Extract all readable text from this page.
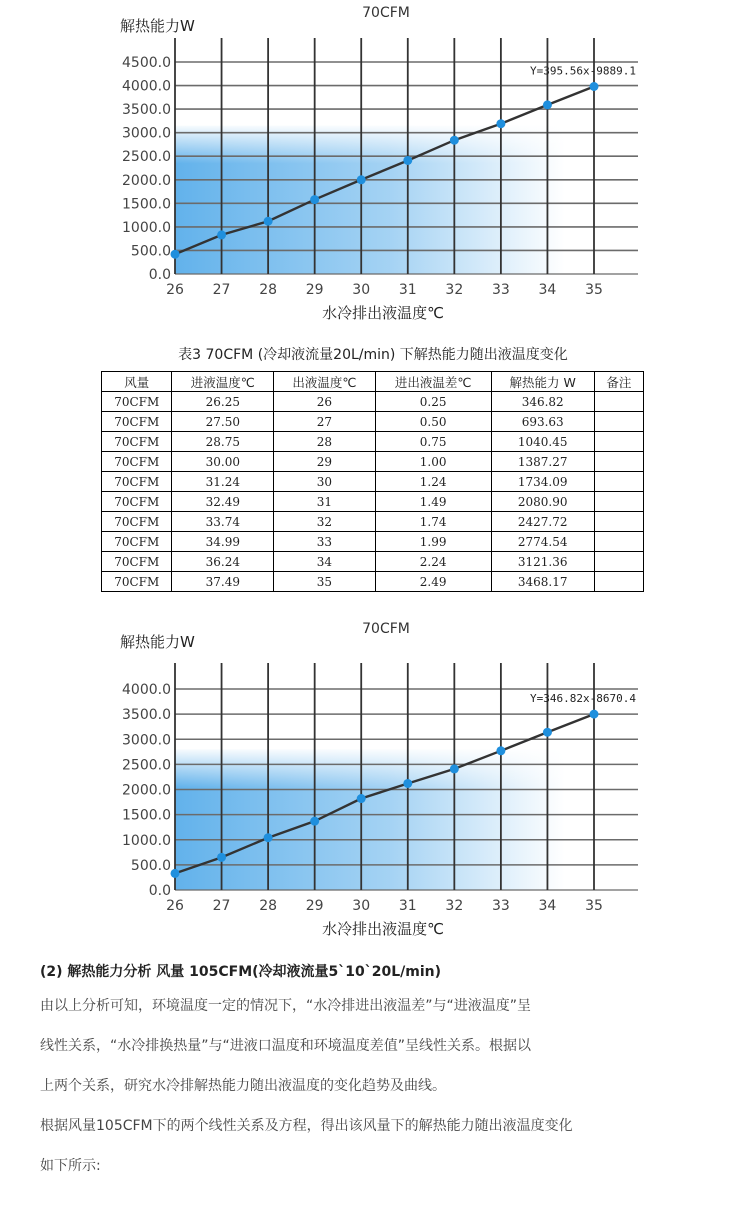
0.0
500.0
1000.0
1500.0
2000.0
2500.0
3000.0
3500.0
4000.0
4500.0
26 27 28 29 30 31 32 33 34 35
70CFM
解热能力W
水冷排出液温度℃
Y=395.56x-9889.1
表3 70CFM (冷却液流量20L/min) 下解热能力随出液温度变化
风量	进液温度℃	出液温度℃	进出液温差℃	解热能力 W	备注
70CFM	26.25	26	0.25	346.82	
70CFM	27.50	27	0.50	693.63	
70CFM	28.75	28	0.75	1040.45	
70CFM	30.00	29	1.00	1387.27	
70CFM	31.24	30	1.24	1734.09	
70CFM	32.49	31	1.49	2080.90	
70CFM	33.74	32	1.74	2427.72	
70CFM	34.99	33	1.99	2774.54	
70CFM	36.24	34	2.24	3121.36	
70CFM	37.49	35	2.49	3468.17	
0.0
500.0
1000.0
1500.0
2000.0
2500.0
3000.0
3500.0
4000.0
26 27 28 29 30 31 32 33 34 35
70CFM
解热能力W
水冷排出液温度℃
Y=346.82x-8670.4
(2) 解热能力分析 风量 105CFM(冷却液流量5`10`20L/min)

由以上分析可知，环境温度一定的情况下，“水冷排进出液温差”与“进液温度”呈
线性关系，“水冷排换热量”与“进液口温度和环境温度差值”呈线性关系。根据以
上两个关系，研究水冷排解热能力随出液温度的变化趋势及曲线。

根据风量105CFM下的两个线性关系及方程，得出该风量下的解热能力随出液温度变化
如下所示:
